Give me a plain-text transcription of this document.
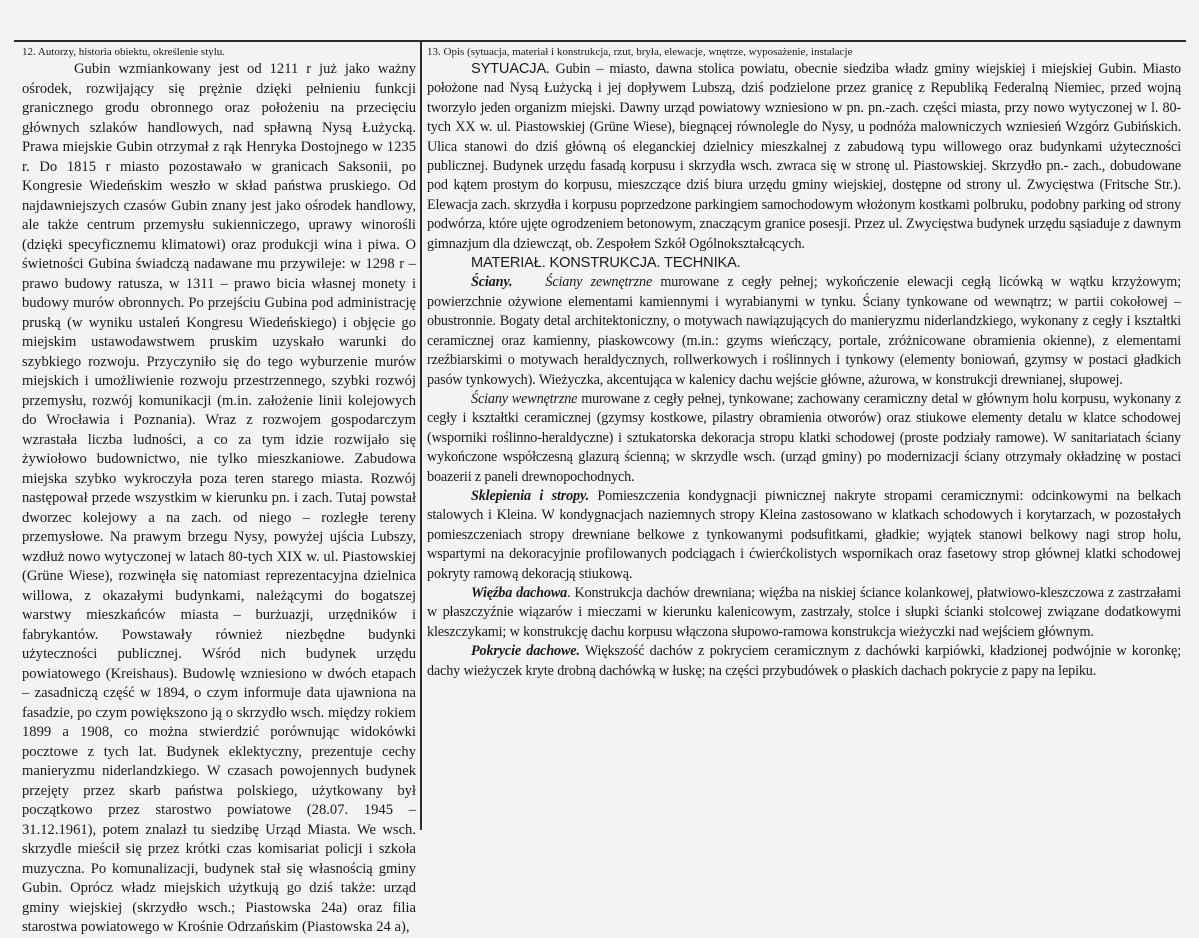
12. Autorzy, historia obiektu, określenie stylu.

Gubin wzmiankowany jest od 1211 r już jako ważny ośrodek, rozwijający się prężnie dzięki pełnieniu funkcji granicznego grodu obronnego oraz położeniu na przecięciu głównych szlaków handlowych, nad spławną Nysą Łużycką. Prawa miejskie Gubin otrzymał z rąk Henryka Dostojnego w 1235 r. Do 1815 r miasto pozostawało w granicach Saksonii, po Kongresie Wiedeńskim weszło w skład państwa pruskiego. Od najdawniejszych czasów Gubin znany jest jako ośrodek handlowy, ale także centrum przemysłu sukienniczego, uprawy winorośli (dzięki specyficznemu klimatowi) oraz produkcji wina i piwa. O świetności Gubina świadczą nadawane mu przywileje: w 1298 r – prawo budowy ratusza, w 1311 – prawo bicia własnej monety i budowy murów obronnych. Po przejściu Gubina pod administrację pruską (w wyniku ustaleń Kongresu Wiedeńskiego) i objęcie go miejskim ustawodawstwem pruskim uzyskało warunki do szybkiego rozwoju. Przyczyniło się do tego wyburzenie murów miejskich i umożliwienie rozwoju przestrzennego, szybki rozwój przemysłu, rozwój komunikacji (m.in. założenie linii kolejowych do Wrocławia i Poznania). Wraz z rozwojem gospodarczym wzrastała liczba ludności, a co za tym idzie rozwijało się żywiołowo budownictwo, nie tylko mieszkaniowe. Zabudowa miejska szybko wykroczyła poza teren starego miasta. Rozwój następował przede wszystkim w kierunku pn. i zach. Tutaj powstał dworzec kolejowy a na zach. od niego – rozległe tereny przemysłowe. Na prawym brzegu Nysy, powyżej ujścia Lubszy, wzdłuż nowo wytyczonej w latach 80-tych XIX w. ul. Piastowskiej (Grüne Wiese), rozwinęła się natomiast reprezentacyjna dzielnica willowa, z okazałymi budynkami, należącymi do bogatszej warstwy mieszkańców miasta – burżuazji, urzędników i fabrykantów. Powstawały również niezbędne budynki użyteczności publicznej. Wśród nich budynek urzędu powiatowego (Kreishaus). Budowlę wzniesiono w dwóch etapach – zasadniczą część w 1894, o czym informuje data ujawniona na fasadzie, po czym powiększono ją o skrzydło wsch. między rokiem 1899 a 1908, co można stwierdzić porównując widokówki pocztowe z tych lat. Budynek eklektyczny, prezentuje cechy manieryzmu niderlandzkiego. W czasach powojennych budynek przejęty przez skarb państwa polskiego, użytkowany był początkowo przez starostwo powiatowe (28.07. 1945 – 31.12.1961), potem znalazł tu siedzibę Urząd Miasta. We wsch. skrzydle mieścił się przez krótki czas komisariat policji i szkoła muzyczna. Po komunalizacji, budynek stał się własnością gminy Gubin. Oprócz władz miejskich użytkują go dziś także: urząd gminy wiejskiej (skrzydło wsch.; Piastowska 24a) oraz filia starostwa powiatowego w Krośnie Odrzańskim (Piastowska 24 a),

13. Opis (sytuacja, materiał i konstrukcja, rzut, bryła, elewacje, wnętrze, wyposażenie, instalacje

SYTUACJA. Gubin – miasto, dawna stolica powiatu, obecnie siedziba władz gminy wiejskiej i miejskiej Gubin. Miasto położone nad Nysą Łużycką i jej dopływem Lubszą, dziś podzielone przez granicę z Republiką Federalną Niemiec, przed wojną tworzyło jeden organizm miejski. Dawny urząd powiatowy wzniesiono w pn. pn.-zach. części miasta, przy nowo wytyczonej w l. 80-tych XX w. ul. Piastowskiej (Grüne Wiese), biegnącej równolegle do Nysy, u podnóża malowniczych wzniesień Wzgórz Gubińskich. Ulica stanowi do dziś główną oś eleganckiej dzielnicy mieszkalnej z zabudową typu willowego oraz budynkami użyteczności publicznej. Budynek urzędu fasadą korpusu i skrzydła wsch. zwraca się w stronę ul. Piastowskiej. Skrzydło pn.- zach., dobudowane pod kątem prostym do korpusu, mieszczące dziś biura urzędu gminy wiejskiej, dostępne od strony ul. Zwycięstwa (Fritsche Str.). Elewacja zach. skrzydła i korpusu poprzedzone parkingiem samochodowym włożonym kostkami polbruku, podobny parking od strony podwórza, które ujęte ogrodzeniem betonowym, znaczącym granice posesji. Przez ul. Zwycięstwa budynek urzędu sąsiaduje z dawnym gimnazjum dla dziewcząt, ob. Zespołem Szkół Ogólnokształcących.

MATERIAŁ. KONSTRUKCJA. TECHNIKA.

Ściany. Ściany zewnętrzne murowane z cegły pełnej; wykończenie elewacji cegłą licówką w wątku krzyżowym; powierzchnie ożywione elementami kamiennymi i wyrabianymi w tynku. Ściany tynkowane od wewnątrz; w partii cokołowej – obustronnie. Bogaty detal architektoniczny, o motywach nawiązujących do manieryzmu niderlandzkiego, wykonany z cegły i kształtki ceramicznej oraz kamienny, piaskowcowy (m.in.: gzyms wieńczący, portale, zróżnicowane obramienia okienne), z elementami rzeźbiarskimi o motywach heraldycznych, rollwerkowych i roślinnych i tynkowy (elementy boniowań, gzymsy w postaci gładkich pasów tynkowych). Wieżyczka, akcentująca w kalenicy dachu wejście główne, ażurowa, w konstrukcji drewnianej, słupowej.

Ściany wewnętrzne murowane z cegły pełnej, tynkowane; zachowany ceramiczny detal w głównym holu korpusu, wykonany z cegły i kształtki ceramicznej (gzymsy kostkowe, pilastry obramienia otworów) oraz stiukowe elementy detalu w klatce schodowej (wsporniki roślinno-heraldyczne) i sztukatorska dekoracja stropu klatki schodowej (proste podziały ramowe). W sanitariatach ściany wykończone współczesną glazurą ścienną; w skrzydle wsch. (urząd gminy) po modernizacji ściany otrzymały okładzinę w postaci boazerii z paneli drewnopochodnych.

Sklepienia i stropy. Pomieszczenia kondygnacji piwnicznej nakryte stropami ceramicznymi: odcinkowymi na belkach stalowych i Kleina. W kondygnacjach naziemnych stropy Kleina zastosowano w klatkach schodowych i korytarzach, w pozostałych pomieszczeniach stropy drewniane belkowe z tynkowanymi podsufitkami, gładkie; wyjątek stanowi belkowy nagi strop holu, wspartymi na dekoracyjnie profilowanych podciągach i ćwierćkolistych wspornikach oraz fasetowy strop głównej klatki schodowej pokryty ramową dekoracją stiukową.

Więźba dachowa. Konstrukcja dachów drewniana; więźba na niskiej ściance kolankowej, płatwiowo-kleszczowa z zastrzałami w płaszczyźnie wiązarów i mieczami w kierunku kalenicowym, zastrzały, stolce i słupki ścianki stolcowej związane dodatkowymi kleszczykami; w konstrukcję dachu korpusu włączona słupowo-ramowa konstrukcja wieżyczki nad wejściem głównym.

Pokrycie dachowe. Większość dachów z pokryciem ceramicznym z dachówki karpiówki, kładzionej podwójnie w koronkę; dachy wieżyczek kryte drobną dachówką w łuskę; na części przybudówek o płaskich dachach pokrycie z papy na lepiku.
